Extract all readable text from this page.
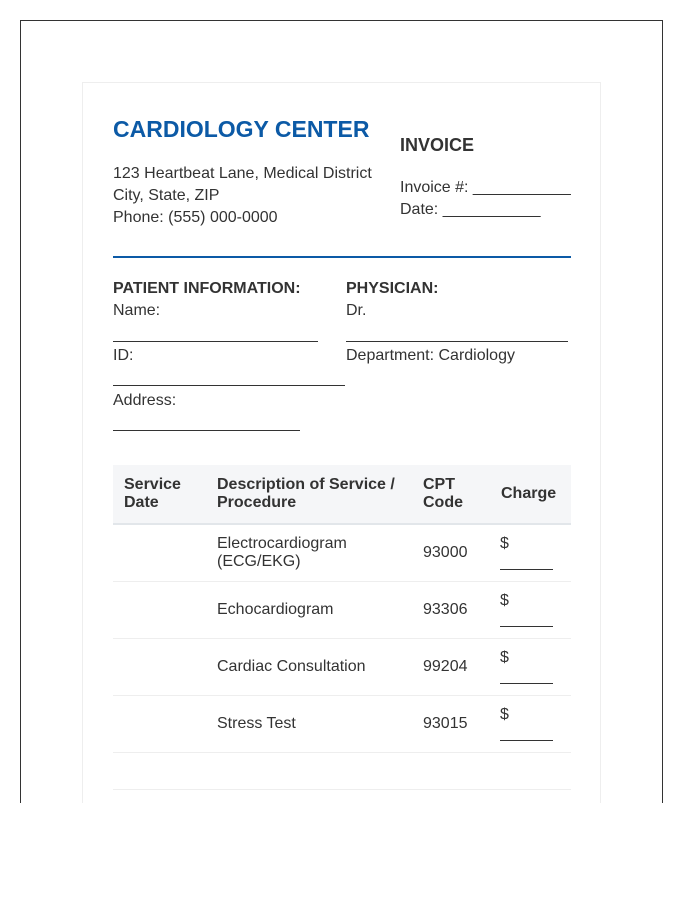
CARDIOLOGY CENTER
123 Heartbeat Lane, Medical District
City, State, ZIP
Phone: (555) 000-0000
INVOICE
Invoice #: ___________
Date: ___________
PATIENT INFORMATION:
Name:
ID:
Address:
PHYSICIAN:
Dr.
Department: Cardiology
Service Date	Description of Service / Procedure	CPT Code	Charge
	Electrocardiogram (ECG/EKG)	93000	$

	Echocardiogram	93306	$

	Cardiac Consultation	99204	$

	Stress Test	93015	$
